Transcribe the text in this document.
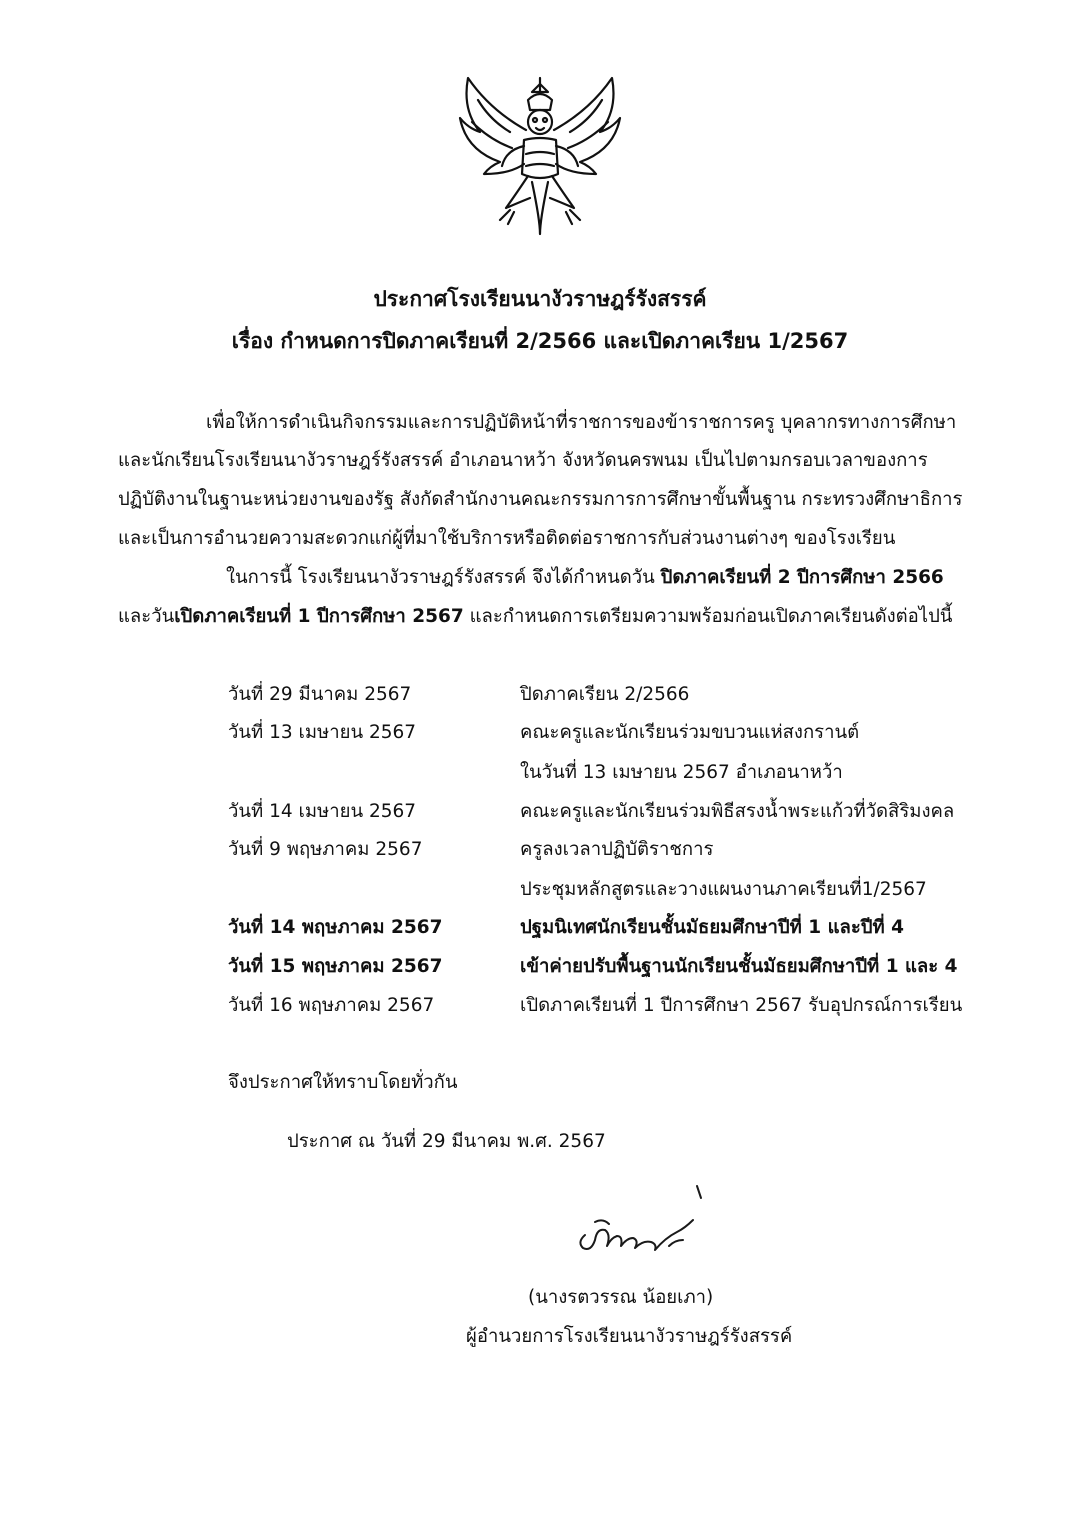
ประกาศโรงเรียนนางัวราษฎร์รังสรรค์
เรื่อง กำหนดการปิดภาคเรียนที่ 2/2566 และเปิดภาคเรียน 1/2567
เพื่อให้การดำเนินกิจกรรมและการปฏิบัติหน้าที่ราชการของข้าราชการครู บุคลากรทางการศึกษา
และนักเรียนโรงเรียนนางัวราษฎร์รังสรรค์ อำเภอนาหว้า จังหวัดนครพนม เป็นไปตามกรอบเวลาของการ
ปฏิบัติงานในฐานะหน่วยงานของรัฐ สังกัดสำนักงานคณะกรรมการการศึกษาขั้นพื้นฐาน กระทรวงศึกษาธิการ
และเป็นการอำนวยความสะดวกแก่ผู้ที่มาใช้บริการหรือติดต่อราชการกับส่วนงานต่างๆ ของโรงเรียน
ในการนี้ โรงเรียนนางัวราษฎร์รังสรรค์ จึงได้กำหนดวัน ปิดภาคเรียนที่ 2 ปีการศึกษา 2566
และวันเปิดภาคเรียนที่ 1 ปีการศึกษา 2567 และกำหนดการเตรียมความพร้อมก่อนเปิดภาคเรียนดังต่อไปนี้
วันที่ 29 มีนาคม 2567	ปิดภาคเรียน 2/2566
วันที่ 13 เมษายน 2567	คณะครูและนักเรียนร่วมขบวนแห่สงกรานต์
ในวันที่ 13 เมษายน 2567 อำเภอนาหว้า
วันที่ 14 เมษายน 2567	คณะครูและนักเรียนร่วมพิธีสรงน้ำพระแก้วที่วัดสิริมงคล
วันที่ 9 พฤษภาคม 2567	ครูลงเวลาปฏิบัติราชการ
ประชุมหลักสูตรและวางแผนงานภาคเรียนที่1/2567
วันที่ 14 พฤษภาคม 2567	ปฐมนิเทศนักเรียนชั้นมัธยมศึกษาปีที่ 1 และปีที่ 4
วันที่ 15 พฤษภาคม 2567	เข้าค่ายปรับพื้นฐานนักเรียนชั้นมัธยมศึกษาปีที่ 1 และ 4
วันที่ 16 พฤษภาคม 2567	เปิดภาคเรียนที่ 1 ปีการศึกษา 2567 รับอุปกรณ์การเรียน
จึงประกาศให้ทราบโดยทั่วกัน
ประกาศ ณ วันที่ 29 มีนาคม พ.ศ. 2567
(นางรตวรรณ น้อยเภา)
ผู้อำนวยการโรงเรียนนางัวราษฎร์รังสรรค์
